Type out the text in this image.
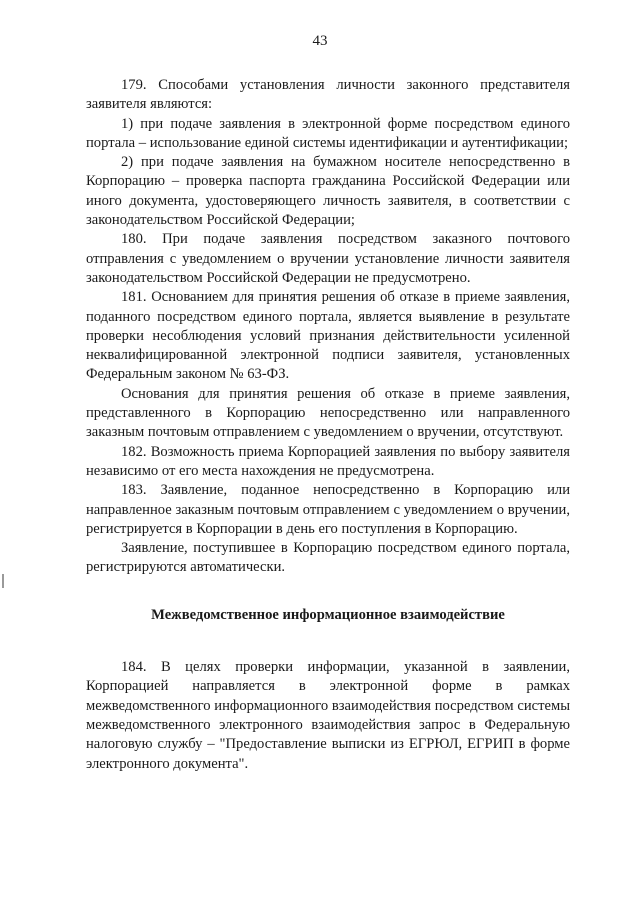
43

179. Способами установления личности законного представителя заявителя являются:

1) при подаче заявления в электронной форме посредством единого портала – использование единой системы идентификации и аутентификации;

2) при подаче заявления на бумажном носителе непосредственно в Корпорацию – проверка паспорта гражданина Российской Федерации или иного документа, удостоверяющего личность заявителя, в соответствии с законодательством Российской Федерации;

180. При подаче заявления посредством заказного почтового отправления с уведомлением о вручении установление личности заявителя законодательством Российской Федерации не предусмотрено.

181. Основанием для принятия решения об отказе в приеме заявления, поданного посредством единого портала, является выявление в результате проверки несоблюдения условий признания действительности усиленной неквалифицированной электронной подписи заявителя, установленных Федеральным законом № 63-ФЗ.

Основания для принятия решения об отказе в приеме заявления, представленного в Корпорацию непосредственно или направленного заказным почтовым отправлением с уведомлением о вручении, отсутствуют.

182. Возможность приема Корпорацией заявления по выбору заявителя независимо от его места нахождения не предусмотрена.

183. Заявление, поданное непосредственно в Корпорацию или направленное заказным почтовым отправлением с уведомлением о вручении, регистрируется в Корпорации в день его поступления в Корпорацию.

Заявление, поступившее в Корпорацию посредством единого портала, регистрируются автоматически.

Межведомственное информационное взаимодействие

184. В целях проверки информации, указанной в заявлении, Корпорацией направляется в электронной форме в рамках межведомственного информационного взаимодействия посредством системы межведомственного электронного взаимодействия запрос в Федеральную налоговую службу – "Предоставление выписки из ЕГРЮЛ, ЕГРИП в форме электронного документа".
